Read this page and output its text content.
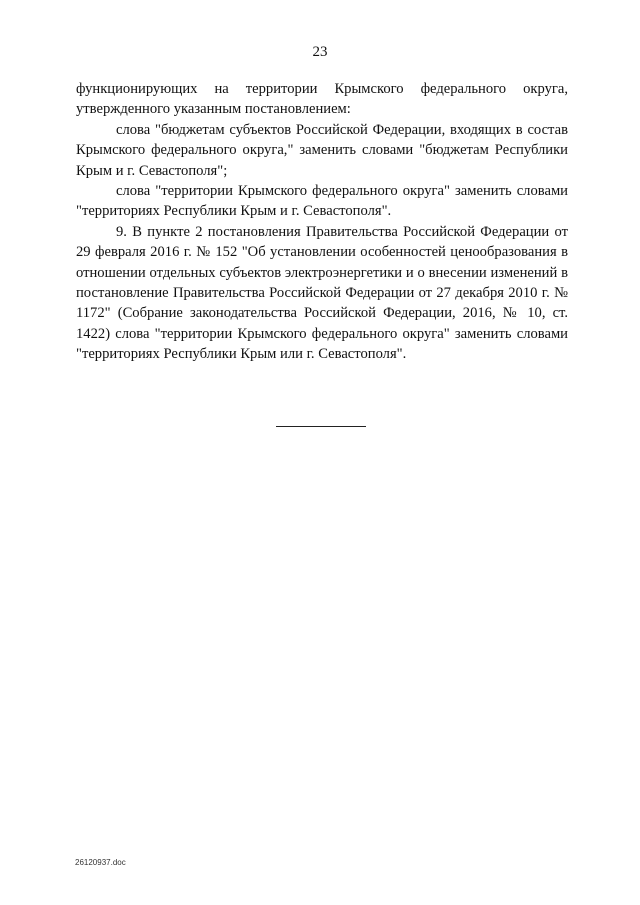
23

функционирующих на территории Крымского федерального округа, утвержденного указанным постановлением:

слова "бюджетам субъектов Российской Федерации, входящих в состав Крымского федерального округа," заменить словами "бюджетам Республики Крым и г. Севастополя";

слова "территории Крымского федерального округа" заменить словами "территориях Республики Крым и г. Севастополя".

9. В пункте 2 постановления Правительства Российской Федерации от 29 февраля 2016 г. № 152 "Об установлении особенностей ценообразования в отношении отдельных субъектов электроэнергетики и о внесении изменений в постановление Правительства Российской Федерации от 27 декабря 2010 г. № 1172" (Собрание законодательства Российской Федерации, 2016, № 10, ст. 1422) слова "территории Крымского федерального округа" заменить словами "территориях Республики Крым или г. Севастополя".

26120937.doc
